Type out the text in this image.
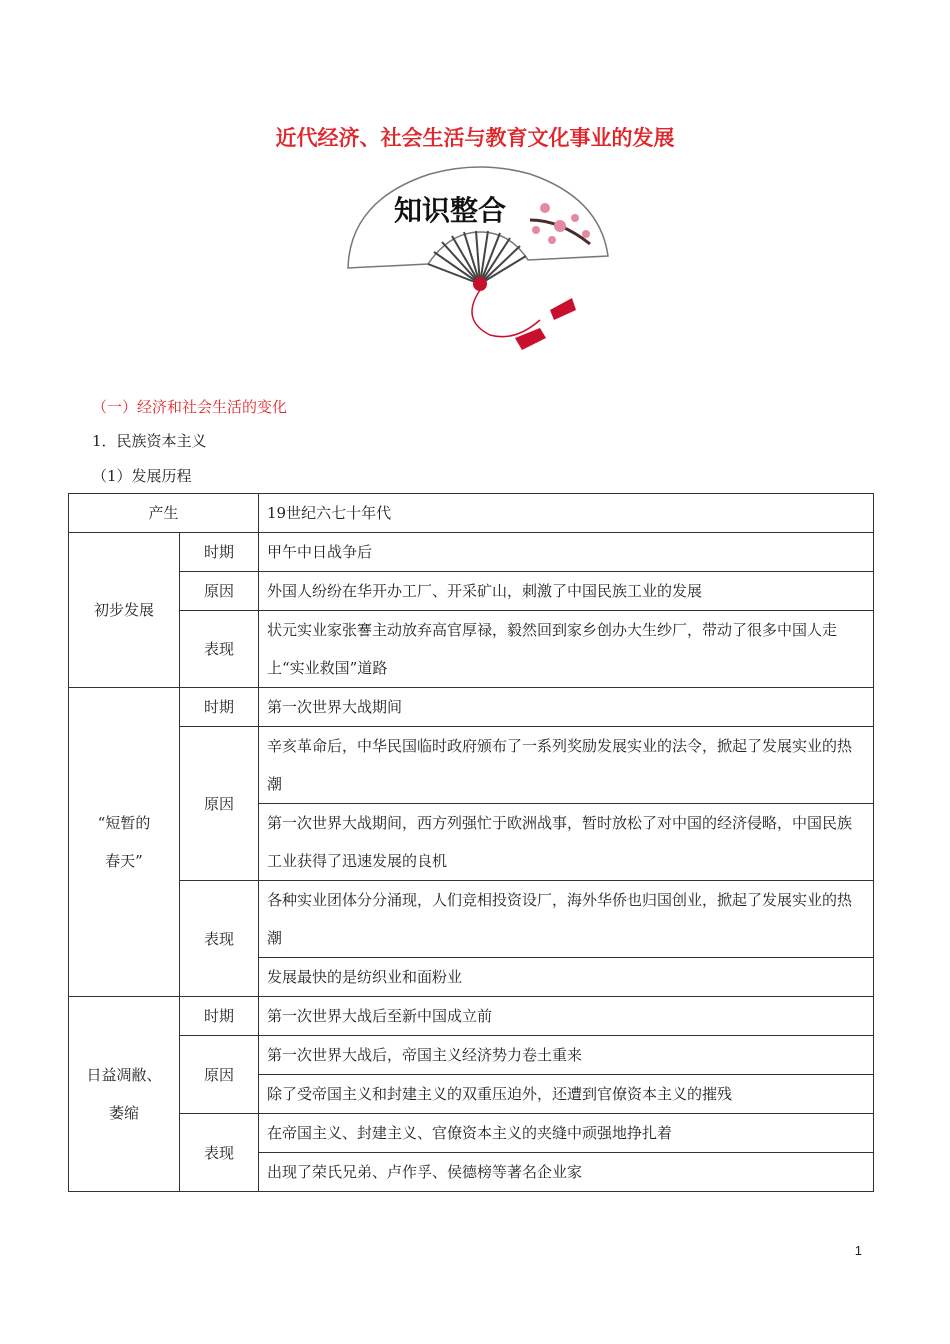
近代经济、社会生活与教育文化事业的发展
知识整合
（一）经济和社会生活的变化
1．民族资本主义
（1）发展历程
产生		19世纪六七十年代
初步发展	时期	甲午中日战争后
	原因	外国人纷纷在华开办工厂、开采矿山，刺激了中国民族工业的发展
	表现	状元实业家张謇主动放弃高官厚禄，毅然回到家乡创办大生纱厂，带动了很多中国人走上“实业救国”道路
“短暂的
春天”	时期	第一次世界大战期间
	原因	辛亥革命后，中华民国临时政府颁布了一系列奖励发展实业的法令，掀起了发展实业的热潮
		第一次世界大战期间，西方列强忙于欧洲战事，暂时放松了对中国的经济侵略，中国民族工业获得了迅速发展的良机
	表现	各种实业团体分分涌现，人们竞相投资设厂，海外华侨也归国创业，掀起了发展实业的热潮
		发展最快的是纺织业和面粉业
日益凋敝、
萎缩	时期	第一次世界大战后至新中国成立前
	原因	第一次世界大战后，帝国主义经济势力卷土重来
		除了受帝国主义和封建主义的双重压迫外，还遭到官僚资本主义的摧残
	表现	在帝国主义、封建主义、官僚资本主义的夹缝中顽强地挣扎着
		出现了荣氏兄弟、卢作孚、侯德榜等著名企业家
1
